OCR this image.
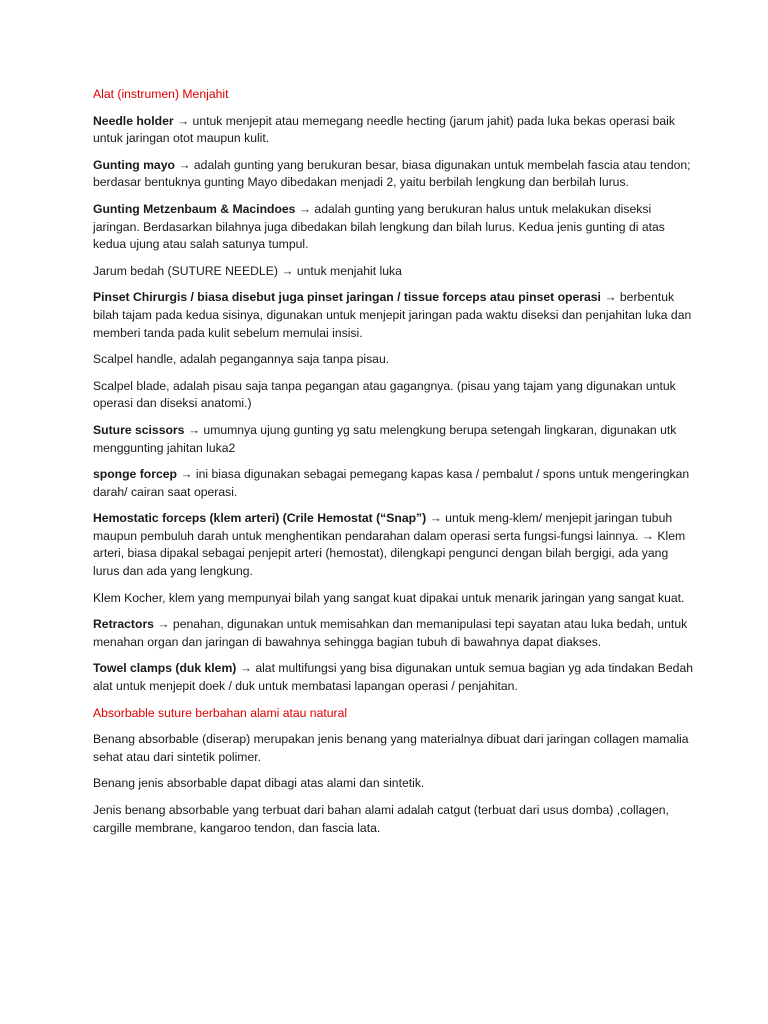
Alat (instrumen) Menjahit

Needle holder → untuk menjepit atau memegang needle hecting (jarum jahit) pada luka bekas operasi baik untuk jaringan otot maupun kulit.

Gunting mayo → adalah gunting yang berukuran besar, biasa digunakan untuk membelah fascia atau tendon; berdasar bentuknya gunting Mayo dibedakan menjadi 2, yaitu berbilah lengkung dan berbilah lurus.

Gunting Metzenbaum & Macindoes → adalah gunting yang berukuran halus untuk melakukan diseksi jaringan. Berdasarkan bilahnya juga dibedakan bilah lengkung dan bilah lurus. Kedua jenis gunting di atas kedua ujung atau salah satunya tumpul.

Jarum bedah (SUTURE NEEDLE) → untuk menjahit luka

Pinset Chirurgis / biasa disebut juga pinset jaringan / tissue forceps atau pinset operasi → berbentuk bilah tajam pada kedua sisinya, digunakan untuk menjepit jaringan pada waktu diseksi dan penjahitan luka dan memberi tanda pada kulit sebelum memulai insisi.

Scalpel handle, adalah pegangannya saja tanpa pisau.

Scalpel blade, adalah pisau saja tanpa pegangan atau gagangnya. (pisau yang tajam yang digunakan untuk operasi dan diseksi anatomi.)

Suture scissors → umumnya ujung gunting yg satu melengkung berupa setengah lingkaran, digunakan utk menggunting jahitan luka2

sponge forcep → ini biasa digunakan sebagai pemegang kapas kasa / pembalut / spons untuk mengeringkan darah/ cairan saat operasi.

Hemostatic forceps (klem arteri) (Crile Hemostat (“Snap”) → untuk meng-klem/ menjepit jaringan tubuh maupun pembuluh darah untuk menghentikan pendarahan dalam operasi serta fungsi-fungsi lainnya. → Klem arteri, biasa dipakal sebagai penjepit arteri (hemostat), dilengkapi pengunci dengan bilah bergigi, ada yang lurus dan ada yang lengkung.

Klem Kocher, klem yang mempunyai bilah yang sangat kuat dipakai untuk menarik jaringan yang sangat kuat.

Retractors → penahan, digunakan untuk memisahkan dan memanipulasi tepi sayatan atau luka bedah, untuk menahan organ dan jaringan di bawahnya sehingga bagian tubuh di bawahnya dapat diakses.

Towel clamps (duk klem) → alat multifungsi yang bisa digunakan untuk semua bagian yg ada tindakan Bedah alat untuk menjepit doek / duk untuk membatasi lapangan operasi / penjahitan.

Absorbable suture berbahan alami atau natural

Benang absorbable (diserap) merupakan jenis benang yang materialnya dibuat dari jaringan collagen mamalia sehat atau dari sintetik polimer.

Benang jenis absorbable dapat dibagi atas alami dan sintetik.

Jenis benang absorbable yang terbuat dari bahan alami adalah catgut (terbuat dari usus domba) ,collagen, cargille membrane, kangaroo tendon, dan fascia lata.
